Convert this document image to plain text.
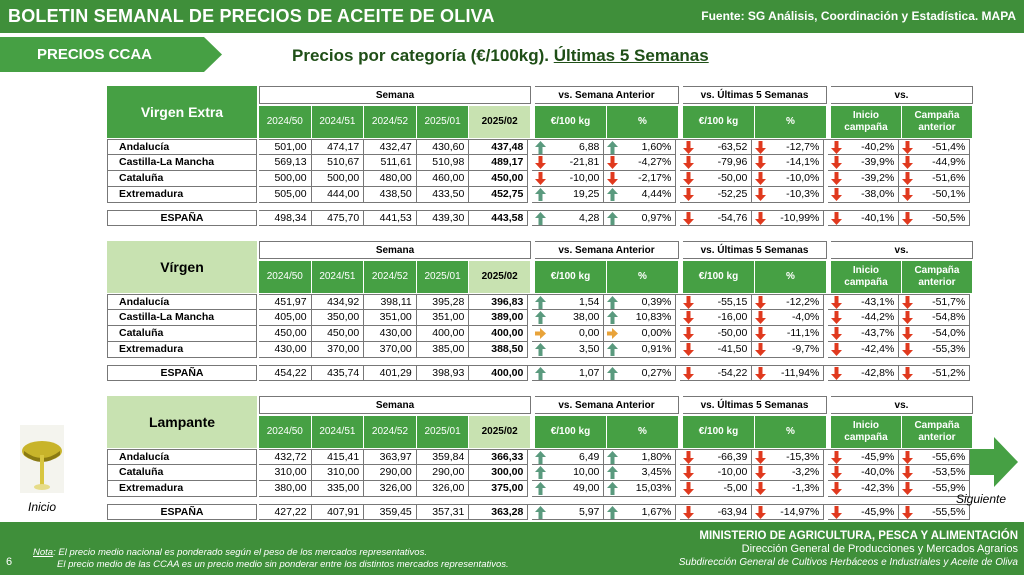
BOLETIN SEMANAL DE PRECIOS DE ACEITE DE OLIVA	Fuente: SG Análisis, Coordinación y Estadística. MAPA
PRECIOS CCAA	Precios por categoría (€/100kg). Últimas 5 Semanas
Virgen Extra
Semana	vs. Semana Anterior	vs. Últimas 5 Semanas	vs.
2024/50	2024/51	2024/52	2025/01	2025/02	€/100 kg	%	€/100 kg	%
Inicio campaña
Campaña anterior
Andalucía	501,00	474,17	432,47	430,60	437,48	6,88	1,60%	-63,52	-12,7%	-40,2%	-51,4%
Castilla-La Mancha	569,13	510,67	511,61	510,98	489,17	-21,81	-4,27%	-79,96	-14,1%	-39,9%	-44,9%
Cataluña	500,00	500,00	480,00	460,00	450,00	-10,00	-2,17%	-50,00	-10,0%	-39,2%	-51,6%
Extremadura	505,00	444,00	438,50	433,50	452,75	19,25	4,44%	-52,25	-10,3%	-38,0%	-50,1%
ESPAÑA	498,34	475,70	441,53	439,30	443,58	4,28	0,97%	-54,76	-10,99%	-40,1%	-50,5%
Vírgen
Semana	vs. Semana Anterior	vs. Últimas 5 Semanas	vs.
2024/50	2024/51	2024/52	2025/01	2025/02	€/100 kg	%	€/100 kg	%
Inicio campaña
Campaña anterior
Andalucía	451,97	434,92	398,11	395,28	396,83	1,54	0,39%	-55,15	-12,2%	-43,1%	-51,7%
Castilla-La Mancha	405,00	350,00	351,00	351,00	389,00	38,00	10,83%	-16,00	-4,0%	-44,2%	-54,8%
Cataluña	450,00	450,00	430,00	400,00	400,00	0,00	0,00%	-50,00	-11,1%	-43,7%	-54,0%
Extremadura	430,00	370,00	370,00	385,00	388,50	3,50	0,91%	-41,50	-9,7%	-42,4%	-55,3%
ESPAÑA	454,22	435,74	401,29	398,93	400,00	1,07	0,27%	-54,22	-11,94%	-42,8%	-51,2%
Lampante
Semana	vs. Semana Anterior	vs. Últimas 5 Semanas	vs.
2024/50	2024/51	2024/52	2025/01	2025/02	€/100 kg	%	€/100 kg	%
Inicio campaña
Campaña anterior
Andalucía	432,72	415,41	363,97	359,84	366,33	6,49	1,80%	-66,39	-15,3%	-45,9%	-55,6%
Cataluña	310,00	310,00	290,00	290,00	300,00	10,00	3,45%	-10,00	-3,2%	-40,0%	-53,5%
Extremadura	380,00	335,00	326,00	326,00	375,00	49,00	15,03%	-5,00	-1,3%	-42,3%	-55,9%
ESPAÑA	427,22	407,91	359,45	357,31	363,28	5,97	1,67%	-63,94	-14,97%	-45,9%	-55,5%
Inicio
Siguiente
6
Nota: El precio medio nacional es ponderado según el peso de los mercados representativos.
El precio medio de las CCAA es un precio medio sin ponderar entre los distintos mercados representativos.
MINISTERIO DE AGRICULTURA, PESCA Y ALIMENTACIÓN
Dirección General de Producciones y Mercados Agrarios
Subdirección General de Cultivos Herbáceos e Industriales y Aceite de Oliva
